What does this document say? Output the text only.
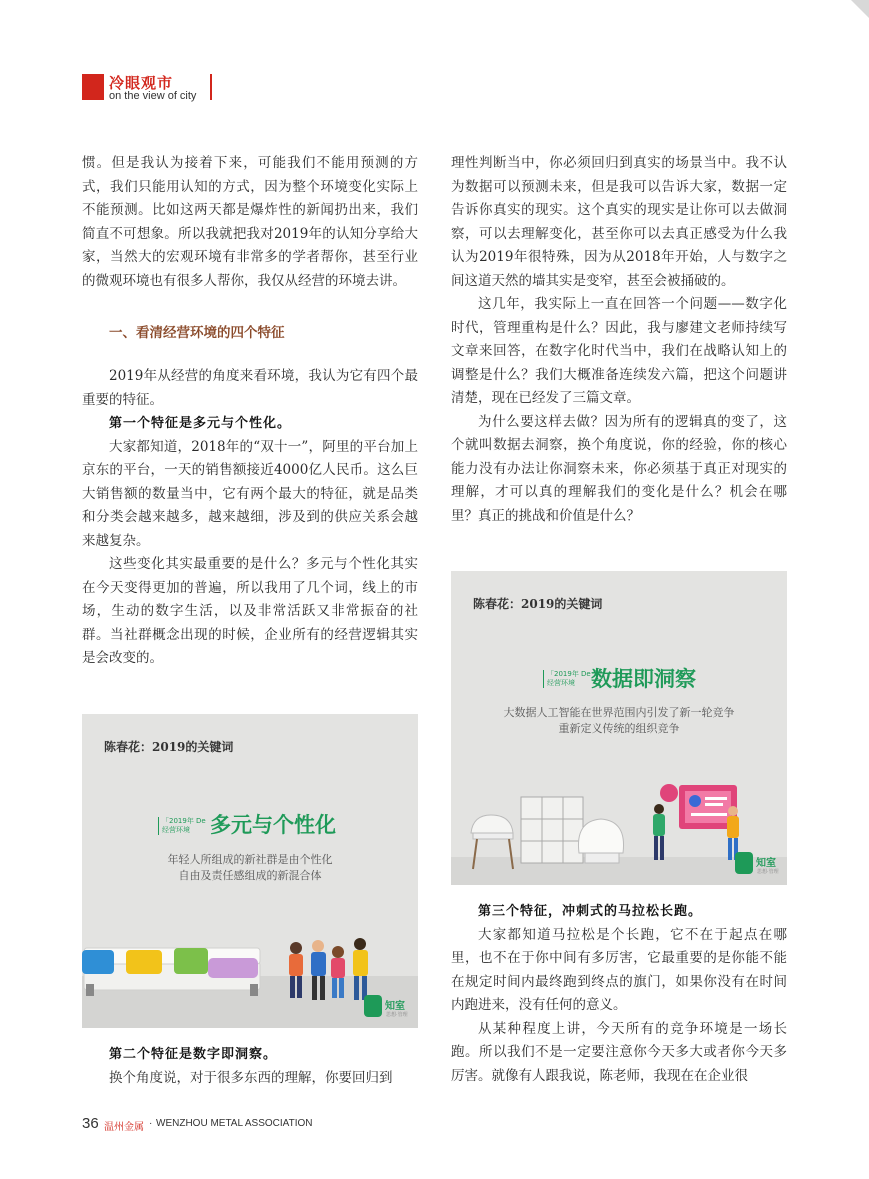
冷眼观市
on the view of city

惯。但是我认为接着下来，可能我们不能用预测的方式，我们只能用认知的方式，因为整个环境变化实际上不能预测。比如这两天都是爆炸性的新闻扔出来，我们简直不可想象。所以我就把我对2019年的认知分享给大家，当然大的宏观环境有非常多的学者帮你，甚至行业的微观环境也有很多人帮你，我仅从经营的环境去讲。

一、看清经营环境的四个特征

2019年从经营的角度来看环境，我认为它有四个最重要的特征。

第一个特征是多元与个性化。

大家都知道，2018年的“双十一”，阿里的平台加上京东的平台，一天的销售额接近4000亿人民币。这么巨大销售额的数量当中，它有两个最大的特征，就是品类和分类会越来越多，越来越细，涉及到的供应关系会越来越复杂。

这些变化其实最重要的是什么？多元与个性化其实在今天变得更加的普遍，所以我用了几个词，线上的市场，生动的数字生活，以及非常活跃又非常振奋的社群。当社群概念出现的时候，企业所有的经营逻辑其实是会改变的。

第二个特征是数字即洞察。

换个角度说，对于很多东西的理解，你要回归到

陈春花：2019的关键词
「2019年 De
经营环境 多元与个性化
年轻人所组成的新社群是由个性化
自由及责任感组成的新混合体
知室
思想·管理

理性判断当中，你必须回归到真实的场景当中。我不认为数据可以预测未来，但是我可以告诉大家，数据一定告诉你真实的现实。这个真实的现实是让你可以去做洞察，可以去理解变化，甚至你可以去真正感受为什么我认为2019年很特殊，因为从2018年开始，人与数字之间这道天然的墙其实是变窄，甚至会被捅破的。

这几年，我实际上一直在回答一个问题——数字化时代，管理重构是什么？因此，我与廖建文老师持续写文章来回答，在数字化时代当中，我们在战略认知上的调整是什么？我们大概准备连续发六篇，把这个问题讲清楚，现在已经发了三篇文章。

为什么要这样去做？因为所有的逻辑真的变了，这个就叫数据去洞察，换个角度说，你的经验，你的核心能力没有办法让你洞察未来，你必须基于真正对现实的理解，才可以真的理解我们的变化是什么？机会在哪里？真正的挑战和价值是什么？

陈春花：2019的关键词
「2019年 De
经营环境 数据即洞察
大数据人工智能在世界范围内引发了新一轮竞争
重新定义传统的组织竞争
知室
思想·管理

第三个特征，冲刺式的马拉松长跑。

大家都知道马拉松是个长跑，它不在于起点在哪里，也不在于你中间有多厉害，它最重要的是你能不能在规定时间内最终跑到终点的旗门，如果你没有在时间内跑进来，没有任何的意义。

从某种程度上讲，今天所有的竞争环境是一场长跑。所以我们不是一定要注意你今天多大或者你今天多厉害。就像有人跟我说，陈老师，我现在在企业很

36 温州金属 · WENZHOU METAL ASSOCIATION
